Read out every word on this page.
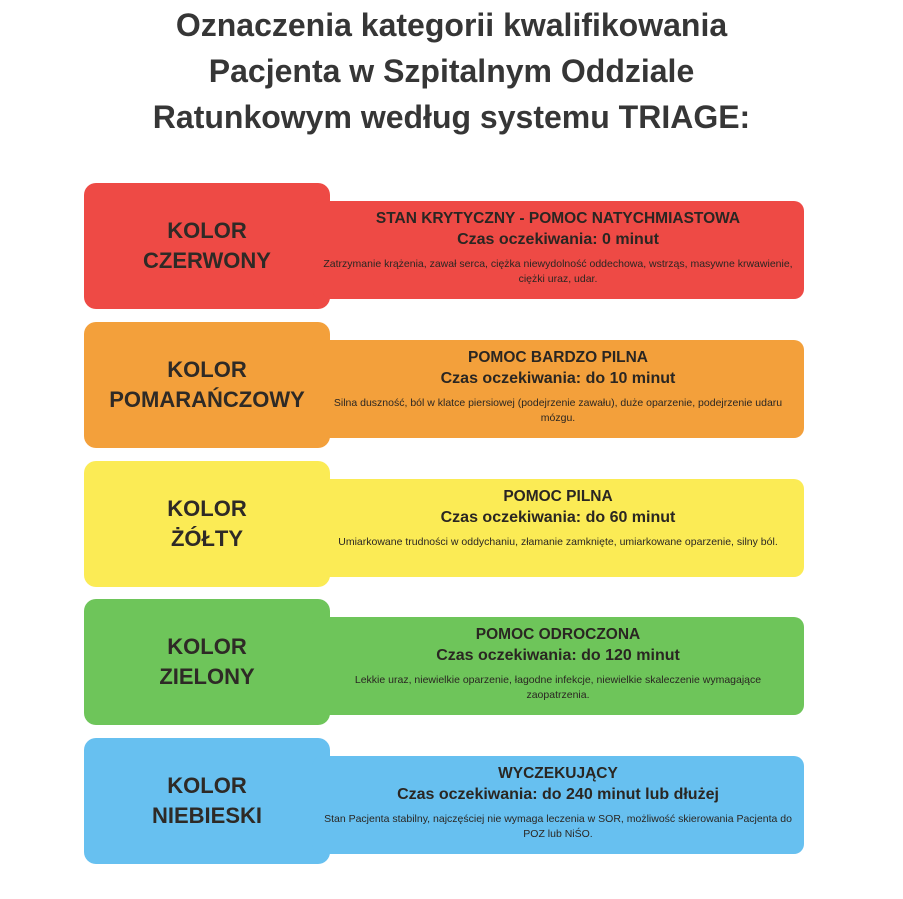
Oznaczenia kategorii kwalifikowania
Pacjenta w Szpitalnym Oddziale
Ratunkowym według systemu TRIAGE:
KOLOR
CZERWONY
STAN KRYTYCZNY - POMOC NATYCHMIASTOWA
Czas oczekiwania: 0 minut
Zatrzymanie krążenia, zawał serca, ciężka niewydolność oddechowa, wstrząs, masywne krwawienie, ciężki uraz, udar.
KOLOR
POMARAŃCZOWY
POMOC BARDZO PILNA
Czas oczekiwania: do 10 minut
Silna duszność, ból w klatce piersiowej (podejrzenie zawału), duże oparzenie, podejrzenie udaru mózgu.
KOLOR
ŻÓŁTY
POMOC PILNA
Czas oczekiwania: do 60 minut
Umiarkowane trudności w oddychaniu, złamanie zamknięte, umiarkowane oparzenie, silny ból.
KOLOR
ZIELONY
POMOC ODROCZONA
Czas oczekiwania: do 120 minut
Lekkie uraz, niewielkie oparzenie, łagodne infekcje, niewielkie skaleczenie wymagające zaopatrzenia.
KOLOR
NIEBIESKI
WYCZEKUJĄCY
Czas oczekiwania: do 240 minut lub dłużej
Stan Pacjenta stabilny, najczęściej nie wymaga leczenia w SOR, możliwość skierowania Pacjenta do POZ lub NiŚO.
